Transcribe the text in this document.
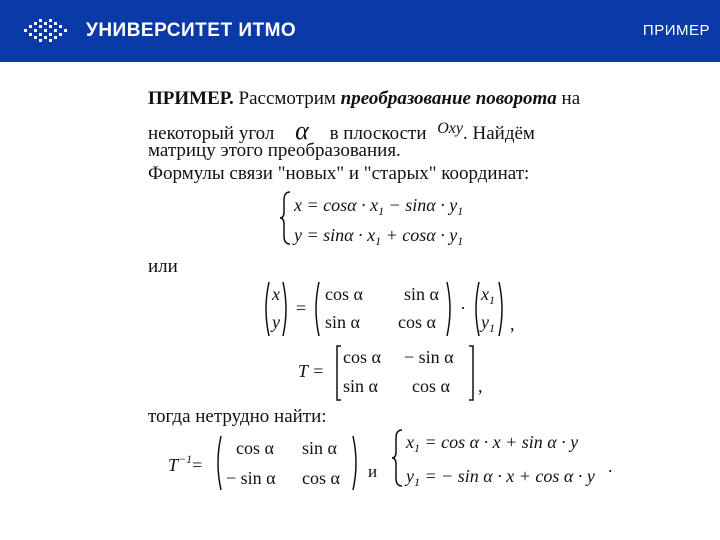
УНИВЕРСИТЕТ ИТМО	ПРИМЕР
ПРИМЕР. Рассмотрим преобразование поворота на
некоторый угол α в плоскости $^{Oxy}$. Найдём
матрицу этого преобразования.
Формулы связи "новых" и "старых" координат:
$x = \cos\alpha \cdot x_1 - \sin\alpha \cdot y_1$
$y = \sin\alpha \cdot x_1 + \cos\alpha \cdot y_1$
или
x
y
=
cos α sin α
sin α cos α
·
$x_1$
$y_1$ ,
T =
cos α − sin α
sin α cos α ,
тогда нетрудно найти:
$T^{-1}=$
cos α sin α
− sin α cos α и
$x_1 = \cos \alpha \cdot x + \sin \alpha \cdot y$
$y_1$ = − sin α · x + cos α · y .
